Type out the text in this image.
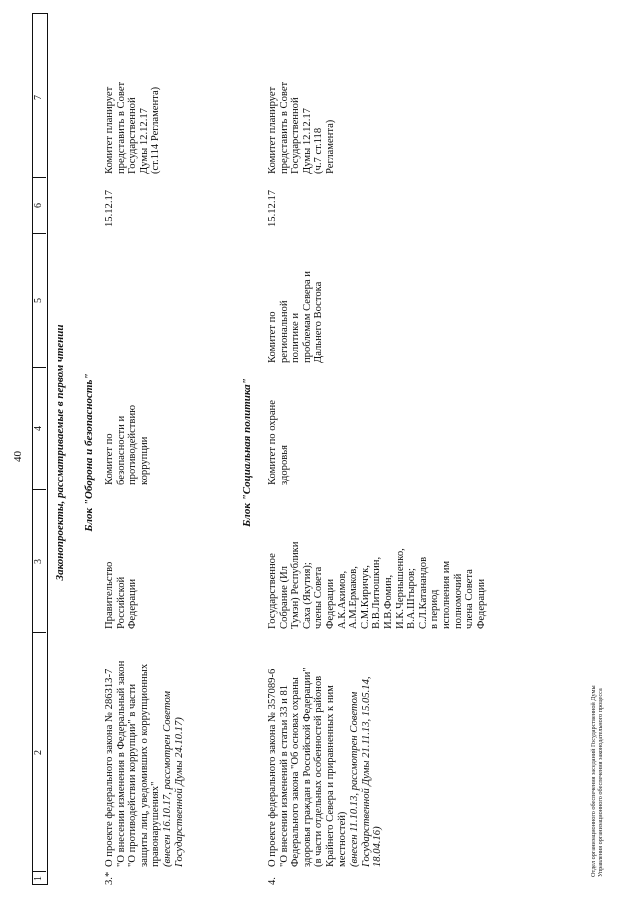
40
1
2
3
4
5
6
7
Законопроекты, рассматриваемые в первом чтении Блок "Оборона и безопасность"
3.*
О проекте федерального закона № 286313-7
"О внесении изменения в Федеральный закон
"О противодействии коррупции" в части
защиты лиц, уведомивших о коррупционных
правонарушениях" (внесен 16.10.17, рассмотрен Советом
Государственной Думы 24.10.17)
Правительство
Российской
Федерации
Комитет по
безопасности и
противодействию
коррупции
15.12.17
Комитет планирует
представить в Совет
Государственной
Думы 12.12.17
(ст.114 Регламента)
Блок "Социальная политика"
4.
О проекте федерального закона № 357089-6
"О внесении изменений в статьи 33 и 81
Федерального закона "Об основах охраны
здоровья граждан в Российской Федерации"
(в части отдельных особенностей районов
Крайнего Севера и приравненных к ним
местностей) (внесен 11.10.13, рассмотрен Советом
Государственной Думы 21.11.13, 15.05.14,
18.04.16)
Государственное
Собрание (Ил
Тумэн) Республики
Саха (Якутия);
члены Совета
Федерации
А.К.Акимов,
А.М.Ермаков,
С.М.Киричук,
В.В.Литюшкин,
И.В.Фомин,
И.К.Чернышенко,
В.А.Штыров;
С.Л.Катанандов
в период
исполнения им
полномочий
члена Совета
Федерации
Комитет по охране
здоровья
Комитет по
региональной
политике и
проблемам Севера и
Дальнего Востока
15.12.17
Комитет планирует
представить в Совет
Государственной
Думы 12.12.17
(ч.7 ст.118
Регламента)
Отдел организационного обеспечения заседаний Государственной Думы
Управления организационного обеспечения законодательного процесса
